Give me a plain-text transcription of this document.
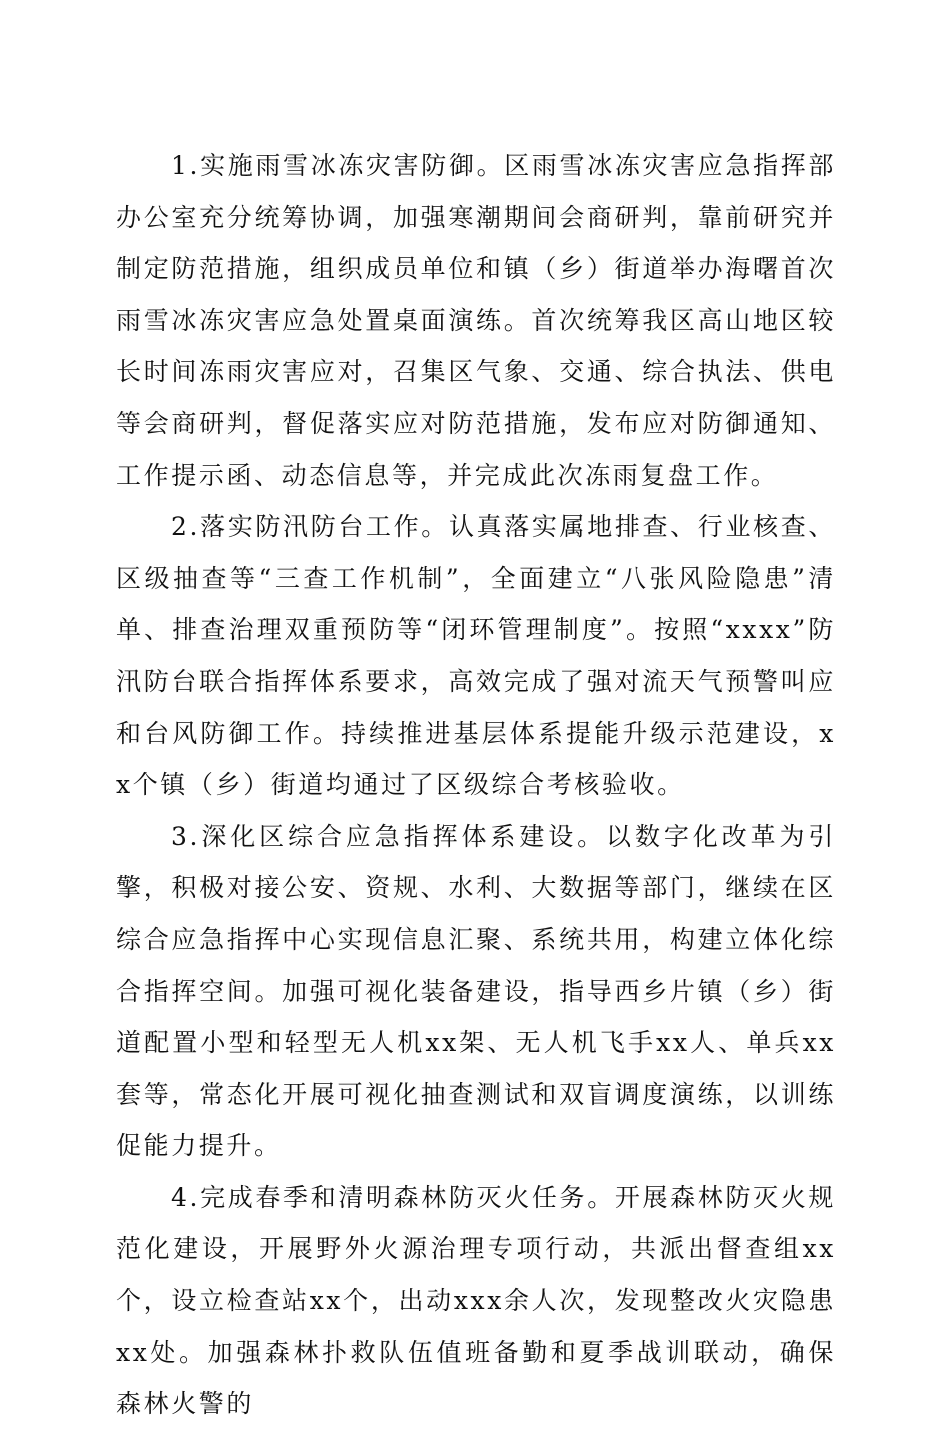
1.实施雨雪冰冻灾害防御。区雨雪冰冻灾害应急指挥部办公室充分统筹协调，加强寒潮期间会商研判，靠前研究并制定防范措施，组织成员单位和镇（乡）街道举办海曙首次雨雪冰冻灾害应急处置桌面演练。首次统筹我区高山地区较长时间冻雨灾害应对，召集区气象、交通、综合执法、供电等会商研判，督促落实应对防范措施，发布应对防御通知、工作提示函、动态信息等，并完成此次冻雨复盘工作。

2.落实防汛防台工作。认真落实属地排查、行业核查、区级抽查等“三查工作机制”，全面建立“八张风险隐患”清单、排查治理双重预防等“闭环管理制度”。按照“xxxx”防汛防台联合指挥体系要求，高效完成了强对流天气预警叫应和台风防御工作。持续推进基层体系提能升级示范建设，xx个镇（乡）街道均通过了区级综合考核验收。

3.深化区综合应急指挥体系建设。以数字化改革为引擎，积极对接公安、资规、水利、大数据等部门，继续在区综合应急指挥中心实现信息汇聚、系统共用，构建立体化综合指挥空间。加强可视化装备建设，指导西乡片镇（乡）街道配置小型和轻型无人机xx架、无人机飞手xx人、单兵xx套等，常态化开展可视化抽查测试和双盲调度演练，以训练促能力提升。

4.完成春季和清明森林防灭火任务。开展森林防灭火规范化建设，开展野外火源治理专项行动，共派出督查组xx个，设立检查站xx个，出动xxx余人次，发现整改火灾隐患xx处。加强森林扑救队伍值班备勤和夏季战训联动，确保森林火警的
